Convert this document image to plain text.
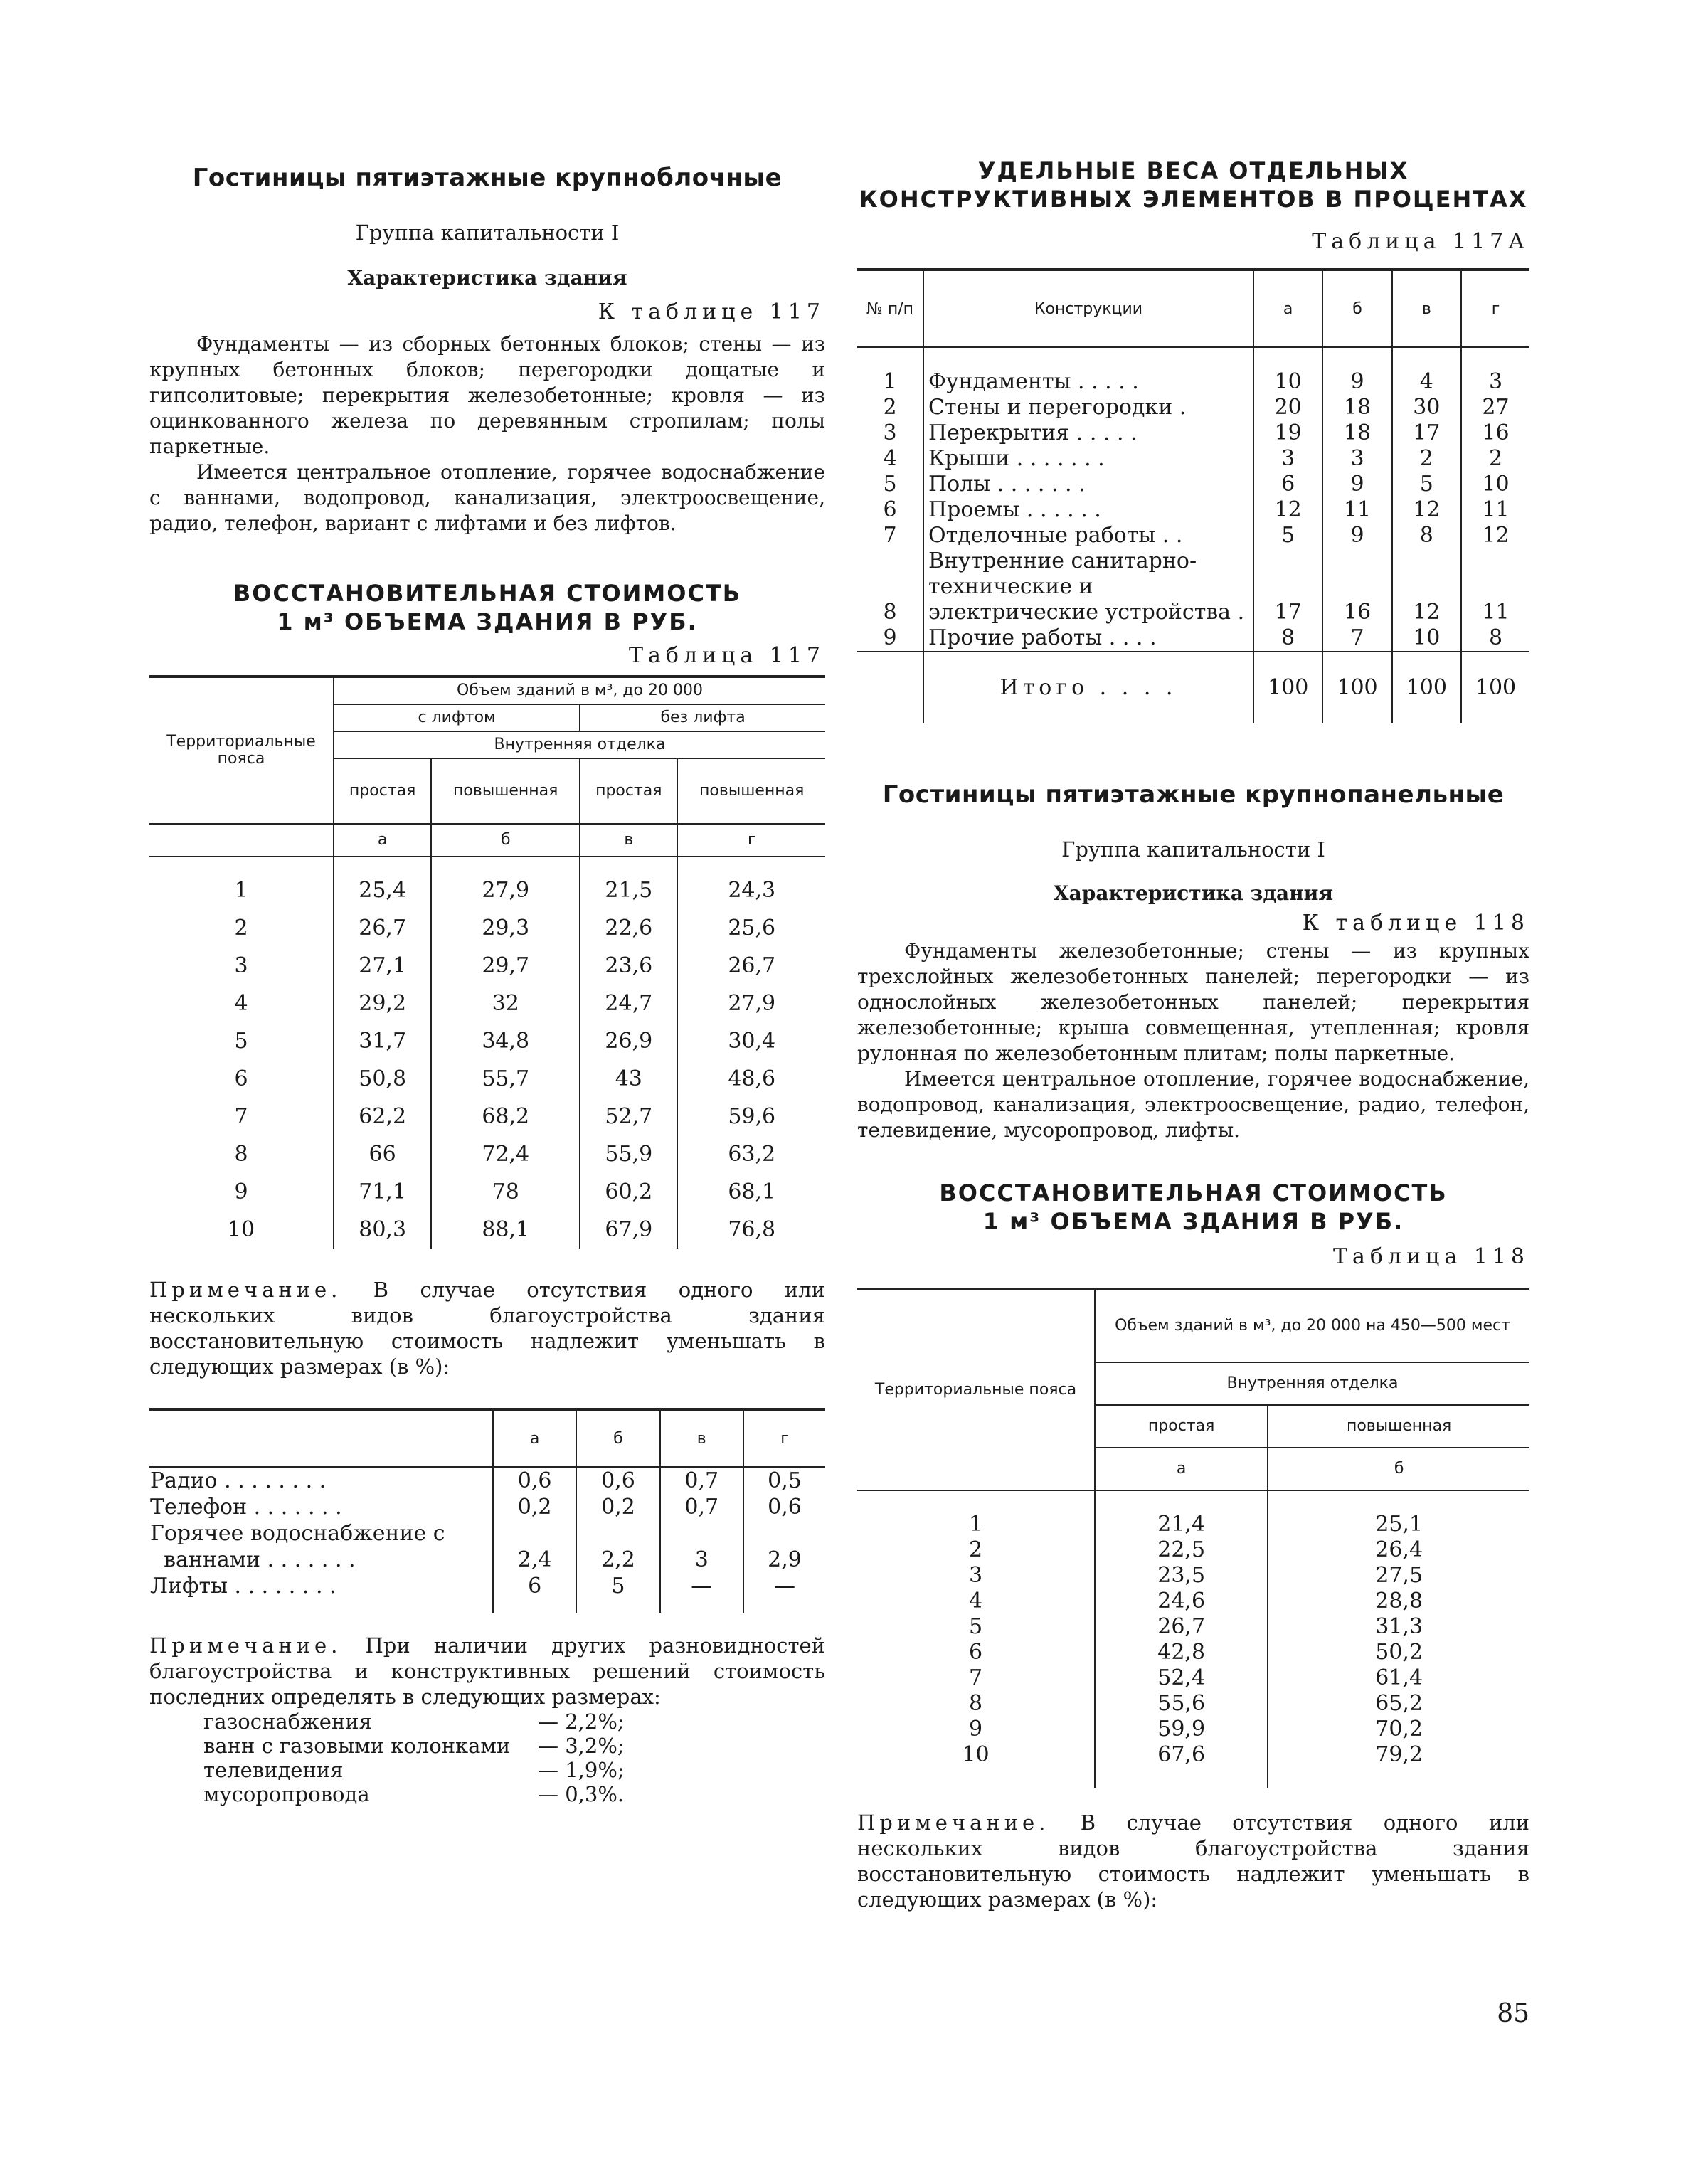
Гостиницы пятиэтажные крупноблочные
Группа капитальности I
Характеристика здания
К таблице 117

Фундаменты — из сборных бетонных блоков; стены — из крупных бетонных блоков; перегородки дощатые и гипсолитовые; перекрытия железобетонные; кровля — из оцинкованного железа по деревянным стропилам; полы паркетные.

Имеется центральное отопление, горячее водоснабжение с ваннами, водопровод, канализация, электроосвещение, радио, телефон, вариант с лифтами и без лифтов.

ВОССТАНОВИТЕЛЬНАЯ СТОИМОСТЬ
1 м³ ОБЪЕМА ЗДАНИЯ В РУБ.
Таблица 117
Территориальные пояса	Объем зданий в м³, до 20 000			
	с лифтом		без лифта	
	Внутренняя отделка			
	простая	повышенная	простая	повышенная
	а	б	в	г
1	25,4	27,9	21,5	24,3
2	26,7	29,3	22,6	25,6
3	27,1	29,7	23,6	26,7
4	29,2	32	24,7	27,9
5	31,7	34,8	26,9	30,4
6	50,8	55,7	43	48,6
7	62,2	68,2	52,7	59,6
8	66	72,4	55,9	63,2
9	71,1	78	60,2	68,1
10	80,3	88,1	67,9	76,8

Примечание. В случае отсутствия одного или нескольких видов благоустройства здания восстановительную стоимость надлежит уменьшать в следующих размерах (в %):

	а	б	в	г
Радио . . . . . . . .	0,6	0,6	0,7	0,5
Телефон . . . . . . .	0,2	0,2	0,7	0,6
Горячее водоснабжение с				
ваннами . . . . . . .	2,4	2,2	3	2,9
Лифты . . . . . . . .	6	5	—	—

Примечание. При наличии других разновидностей благоустройства и конструктивных решений стоимость последних определять в следующих размерах:

газоснабжения	— 2,2%;
ванн с газовыми колонками	— 3,2%;
телевидения	— 1,9%;
мусоропровода	— 0,3%.
УДЕЛЬНЫЕ ВЕСА ОТДЕЛЬНЫХ
КОНСТРУКТИВНЫХ ЭЛЕМЕНТОВ В ПРОЦЕНТАХ
Таблица 117А
№ п/п	Конструкции	а	б	в	г
1	Фундаменты . . . . .	10	9	4	3
2	Стены и перегородки .	20	18	30	27
3	Перекрытия . . . . .	19	18	17	16
4	Крыши . . . . . . .	3	3	2	2
5	Полы . . . . . . .	6	9	5	10
6	Проемы . . . . . .	12	11	12	11
7	Отделочные работы . .	5	9	8	12
8	Внутренние санитарно-технические и электрические устройства .	17	16	12	11
9	Прочие работы . . . .	8	7	10	8
	Итого . . . .	100	100	100	100
Гостиницы пятиэтажные крупнопанельные
Группа капитальности I
Характеристика здания
К таблице 118

Фундаменты железобетонные; стены — из крупных трехслойных железобетонных панелей; перегородки — из однослойных железобетонных панелей; перекрытия железобетонные; крыша совмещенная, утепленная; кровля рулонная по железобетонным плитам; полы паркетные.

Имеется центральное отопление, горячее водоснабжение, водопровод, канализация, электроосвещение, радио, телефон, телевидение, мусоропровод, лифты.

ВОССТАНОВИТЕЛЬНАЯ СТОИМОСТЬ
1 м³ ОБЪЕМА ЗДАНИЯ В РУБ.
Таблица 118
Территориальные пояса	Объем зданий в м³, до 20 000 на 450—500 мест	
	Внутренняя отделка	
	простая	повышенная
	а	б
1	21,4	25,1
2	22,5	26,4
3	23,5	27,5
4	24,6	28,8
5	26,7	31,3
6	42,8	50,2
7	52,4	61,4
8	55,6	65,2
9	59,9	70,2
10	67,6	79,2

Примечание. В случае отсутствия одного или нескольких видов благоустройства здания восстановительную стоимость надлежит уменьшать в следующих размерах (в %):

85
